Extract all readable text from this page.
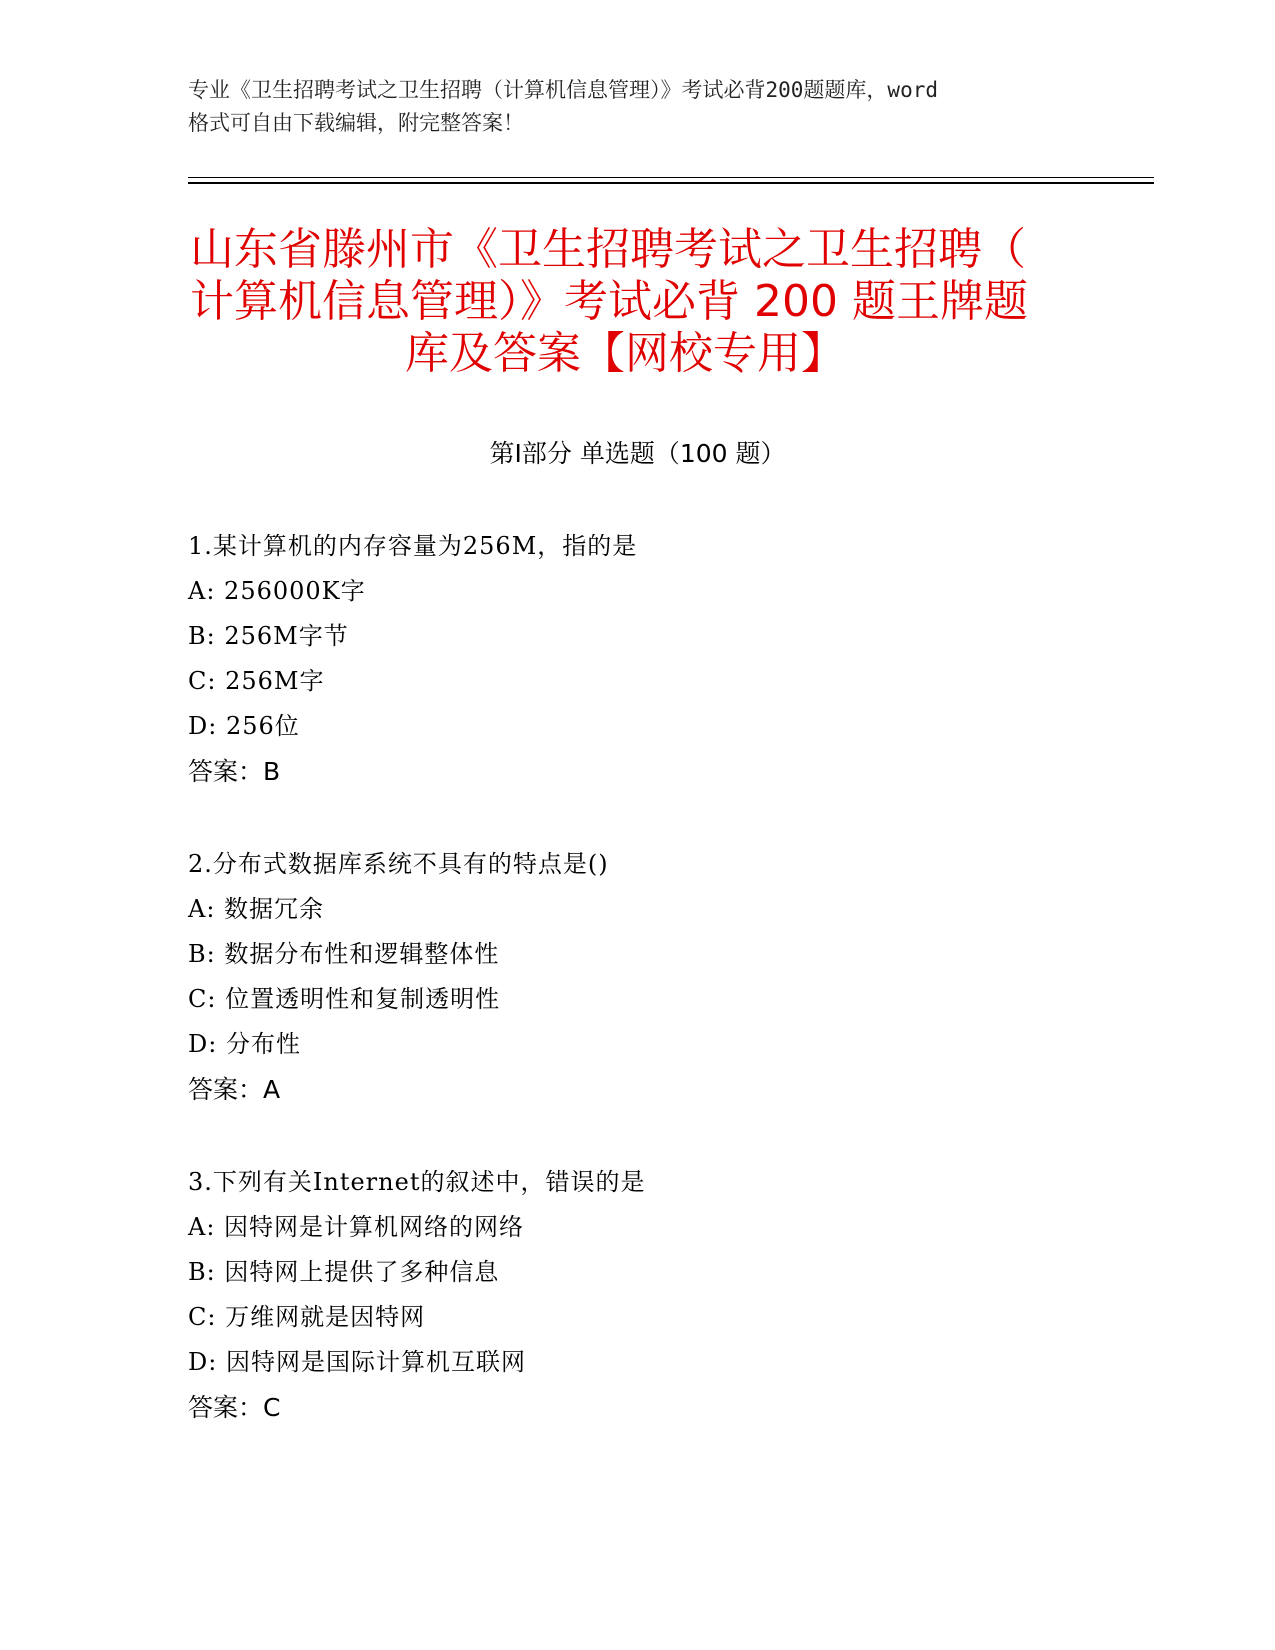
专业《卫生招聘考试之卫生招聘（计算机信息管理）》考试必背200题题库，word
格式可自由下载编辑，附完整答案！
山东省滕州市《卫生招聘考试之卫生招聘（
计算机信息管理）》考试必背 200 题王牌题
库及答案【网校专用】
第Ⅰ部分 单选题（100 题）
1.某计算机的内存容量为256M，指的是
A: 256000K字
B: 256M字节
C: 256M字
D: 256位
答案：B
2.分布式数据库系统不具有的特点是()
A: 数据冗余
B: 数据分布性和逻辑整体性
C: 位置透明性和复制透明性
D: 分布性
答案：A
3.下列有关Internet的叙述中，错误的是
A: 因特网是计算机网络的网络
B: 因特网上提供了多种信息
C: 万维网就是因特网
D: 因特网是国际计算机互联网
答案：C
